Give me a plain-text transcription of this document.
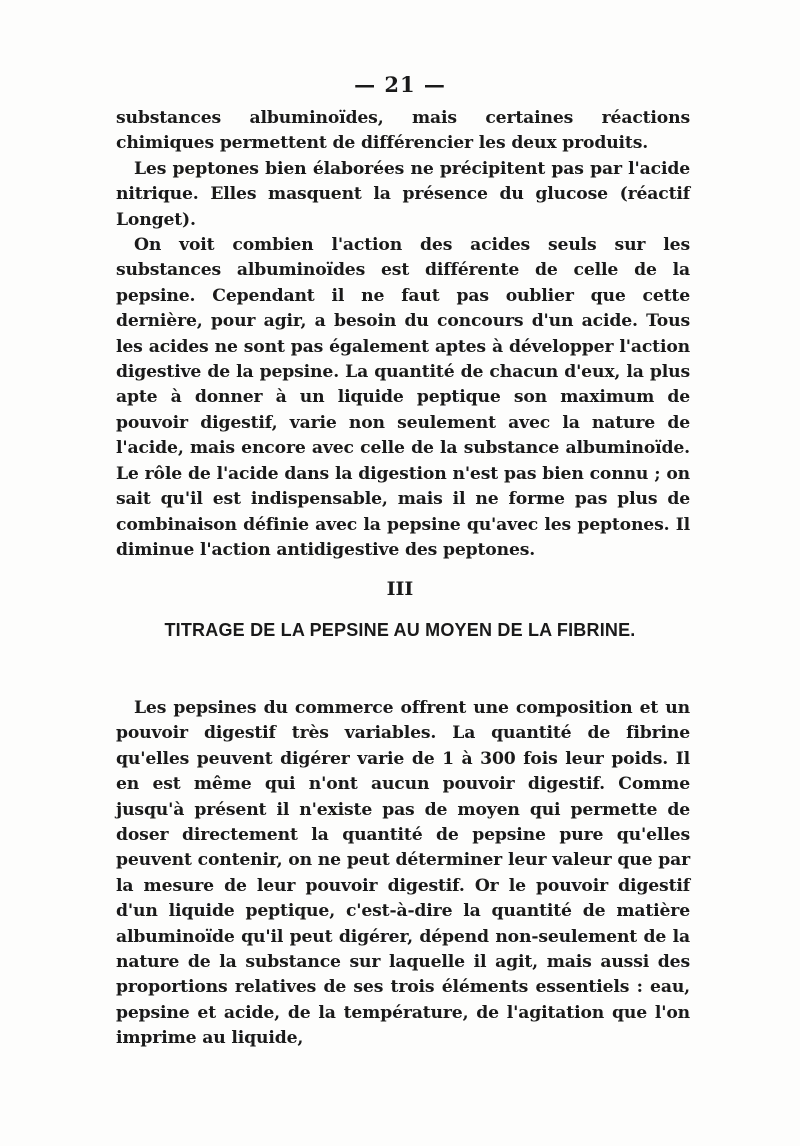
— 21 —

substances albuminoïdes, mais certaines réactions chimiques permettent de différencier les deux produits.

Les peptones bien élaborées ne précipitent pas par l'acide nitrique. Elles masquent la présence du glucose (réactif Longet).

On voit combien l'action des acides seuls sur les substances albuminoïdes est différente de celle de la pepsine. Cependant il ne faut pas oublier que cette dernière, pour agir, a besoin du concours d'un acide. Tous les acides ne sont pas également aptes à développer l'action digestive de la pepsine. La quantité de chacun d'eux, la plus apte à donner à un liquide peptique son maximum de pouvoir digestif, varie non seulement avec la nature de l'acide, mais encore avec celle de la substance albuminoïde. Le rôle de l'acide dans la digestion n'est pas bien connu ; on sait qu'il est indispensable, mais il ne forme pas plus de combinaison définie avec la pepsine qu'avec les peptones. Il diminue l'action antidigestive des peptones.

III
TITRAGE DE LA PEPSINE AU MOYEN DE LA FIBRINE.

Les pepsines du commerce offrent une composition et un pouvoir digestif très variables. La quantité de fibrine qu'elles peuvent digérer varie de 1 à 300 fois leur poids. Il en est même qui n'ont aucun pouvoir digestif. Comme jusqu'à présent il n'existe pas de moyen qui permette de doser directement la quantité de pepsine pure qu'elles peuvent contenir, on ne peut déterminer leur valeur que par la mesure de leur pouvoir digestif. Or le pouvoir digestif d'un liquide peptique, c'est-à-dire la quantité de matière albuminoïde qu'il peut digérer, dépend non-seulement de la nature de la substance sur laquelle il agit, mais aussi des proportions relatives de ses trois éléments essentiels : eau, pepsine et acide, de la température, de l'agitation que l'on imprime au liquide,
